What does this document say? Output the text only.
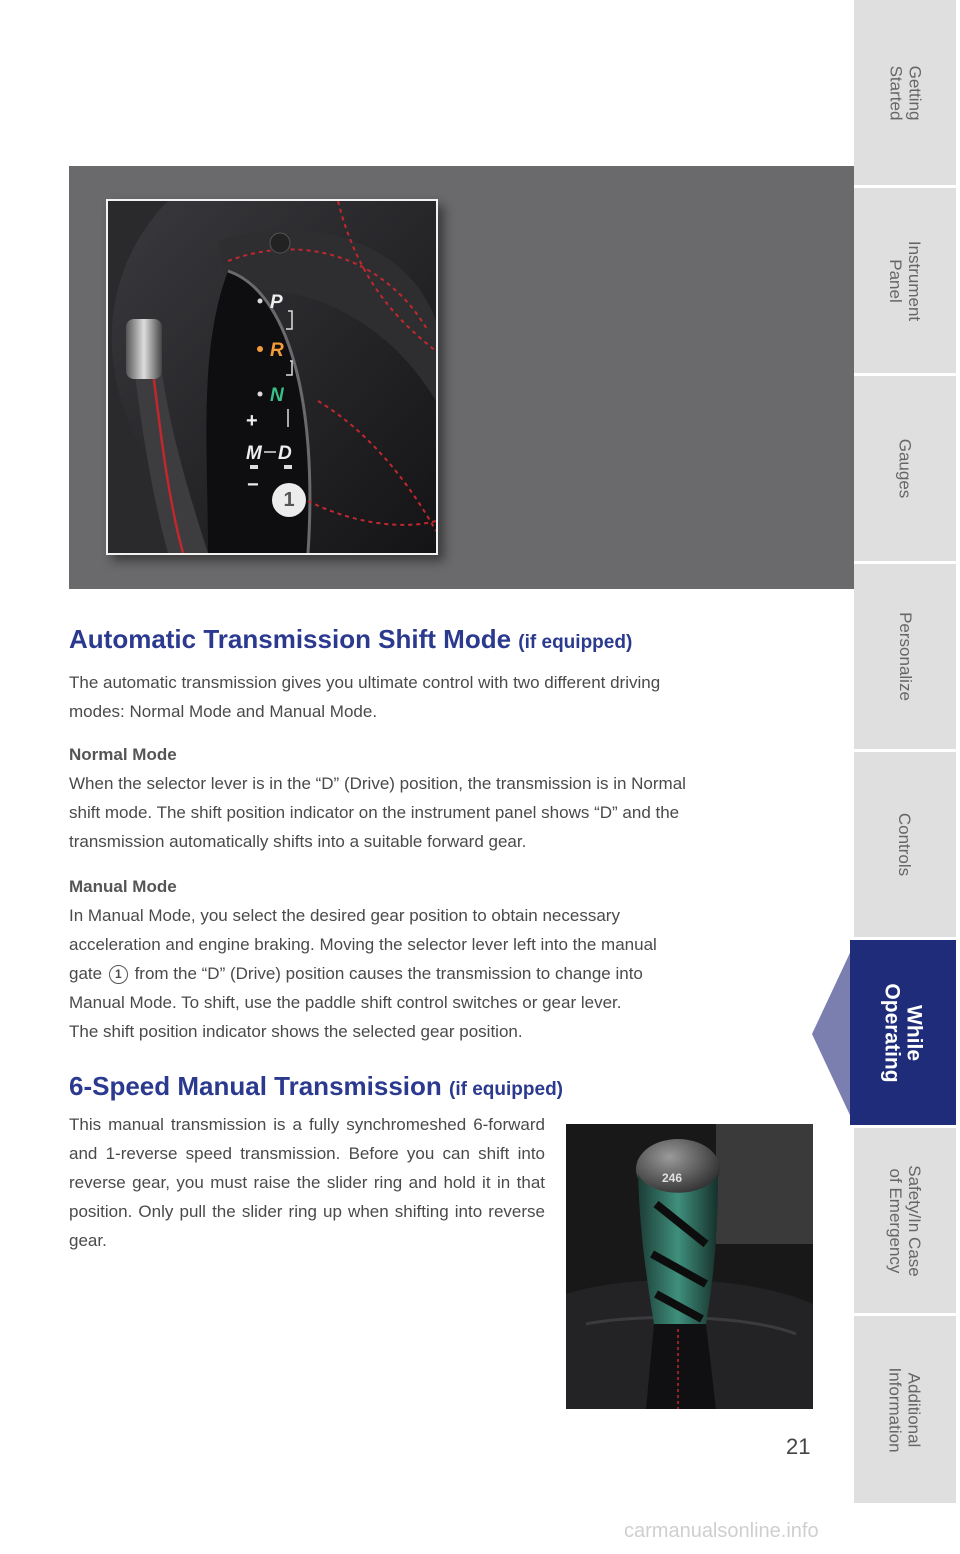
P
R
N
+
M D
−
1
Automatic Transmission Shift Mode (if equipped)

The automatic transmission gives you ultimate control with two different driving
modes: Normal Mode and Manual Mode.

Normal Mode
When the selector lever is in the “D” (Drive) position, the transmission is in Normal
shift mode. The shift position indicator on the instrument panel shows “D” and the
transmission automatically shifts into a suitable forward gear.

Manual Mode
In Manual Mode, you select the desired gear position to obtain necessary
acceleration and engine braking. Moving the selector lever left into the manual
gate 1 from the “D” (Drive) position causes the transmission to change into
Manual Mode. To shift, use the paddle shift control switches or gear lever.
The shift position indicator shows the selected gear position.

6-Speed Manual Transmission (if equipped)

This manual transmission is a fully synchromeshed 6-forward and 1-reverse speed transmission. Before you can shift into reverse gear, you must raise the slider ring and hold it in that position. Only pull the slider ring up when shifting into reverse gear.

246
21
Getting
Started
Instrument
Panel
Gauges
Personalize
Controls
While
Operating
Safety/In Case
of Emergency
Additional
Information
carmanualsonline.info
